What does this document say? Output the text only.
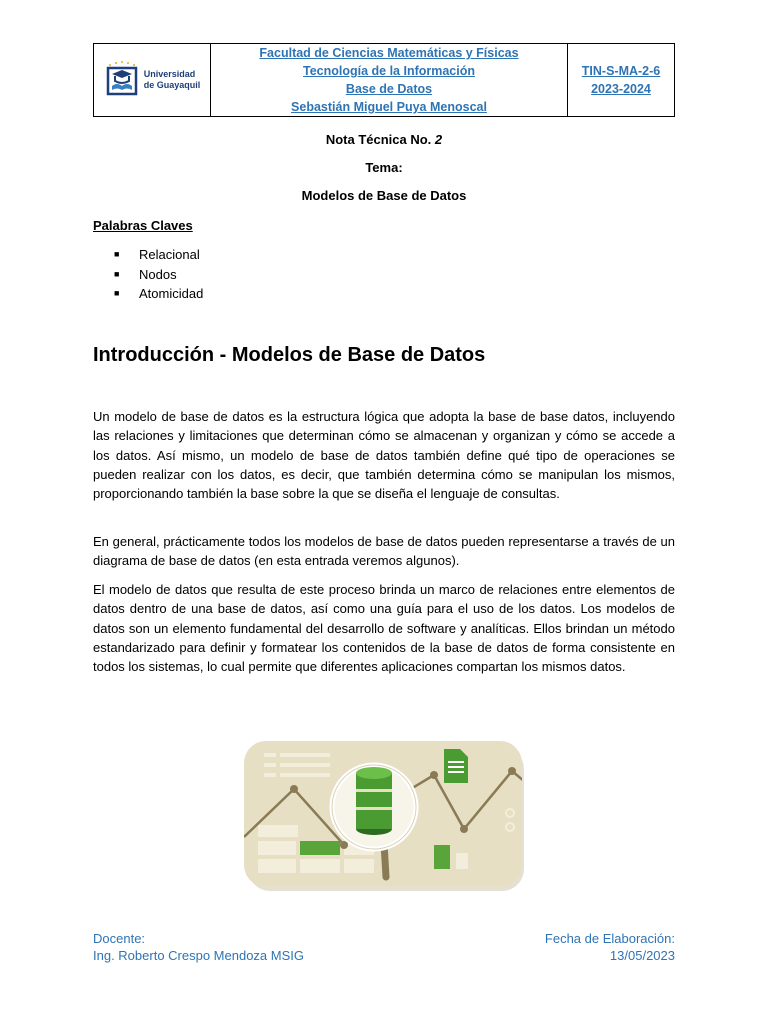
Universidad
de Guayaquil
Facultad de Ciencias Matemáticas y Físicas
Tecnología de la Información
Base de Datos
Sebastián Miguel Puya Menoscal
TIN-S-MA-2-6
2023-2024
Nota Técnica No. 2
Tema:
Modelos de Base de Datos
Palabras Claves
■	Relacional
■	Nodos
■	Atomicidad
Introducción - Modelos de Base de Datos

Un modelo de base de datos es la estructura lógica que adopta la base de base datos, incluyendo las relaciones y limitaciones que determinan cómo se almacenan y organizan y cómo se accede a los datos. Así mismo, un modelo de base de datos también define qué tipo de operaciones se pueden realizar con los datos, es decir, que también determina cómo se manipulan los mismos, proporcionando también la base sobre la que se diseña el lenguaje de consultas.

En general, prácticamente todos los modelos de base de datos pueden representarse a través de un diagrama de base de datos (en esta entrada veremos algunos).

El modelo de datos que resulta de este proceso brinda un marco de relaciones entre elementos de datos dentro de una base de datos, así como una guía para el uso de los datos. Los modelos de datos son un elemento fundamental del desarrollo de software y analíticas. Ellos brindan un método estandarizado para definir y formatear los contenidos de la base de datos de forma consistente en todos los sistemas, lo cual permite que diferentes aplicaciones compartan los mismos datos.

Docente:
Ing. Roberto Crespo Mendoza MSIG
Fecha de Elaboración:
13/05/2023
